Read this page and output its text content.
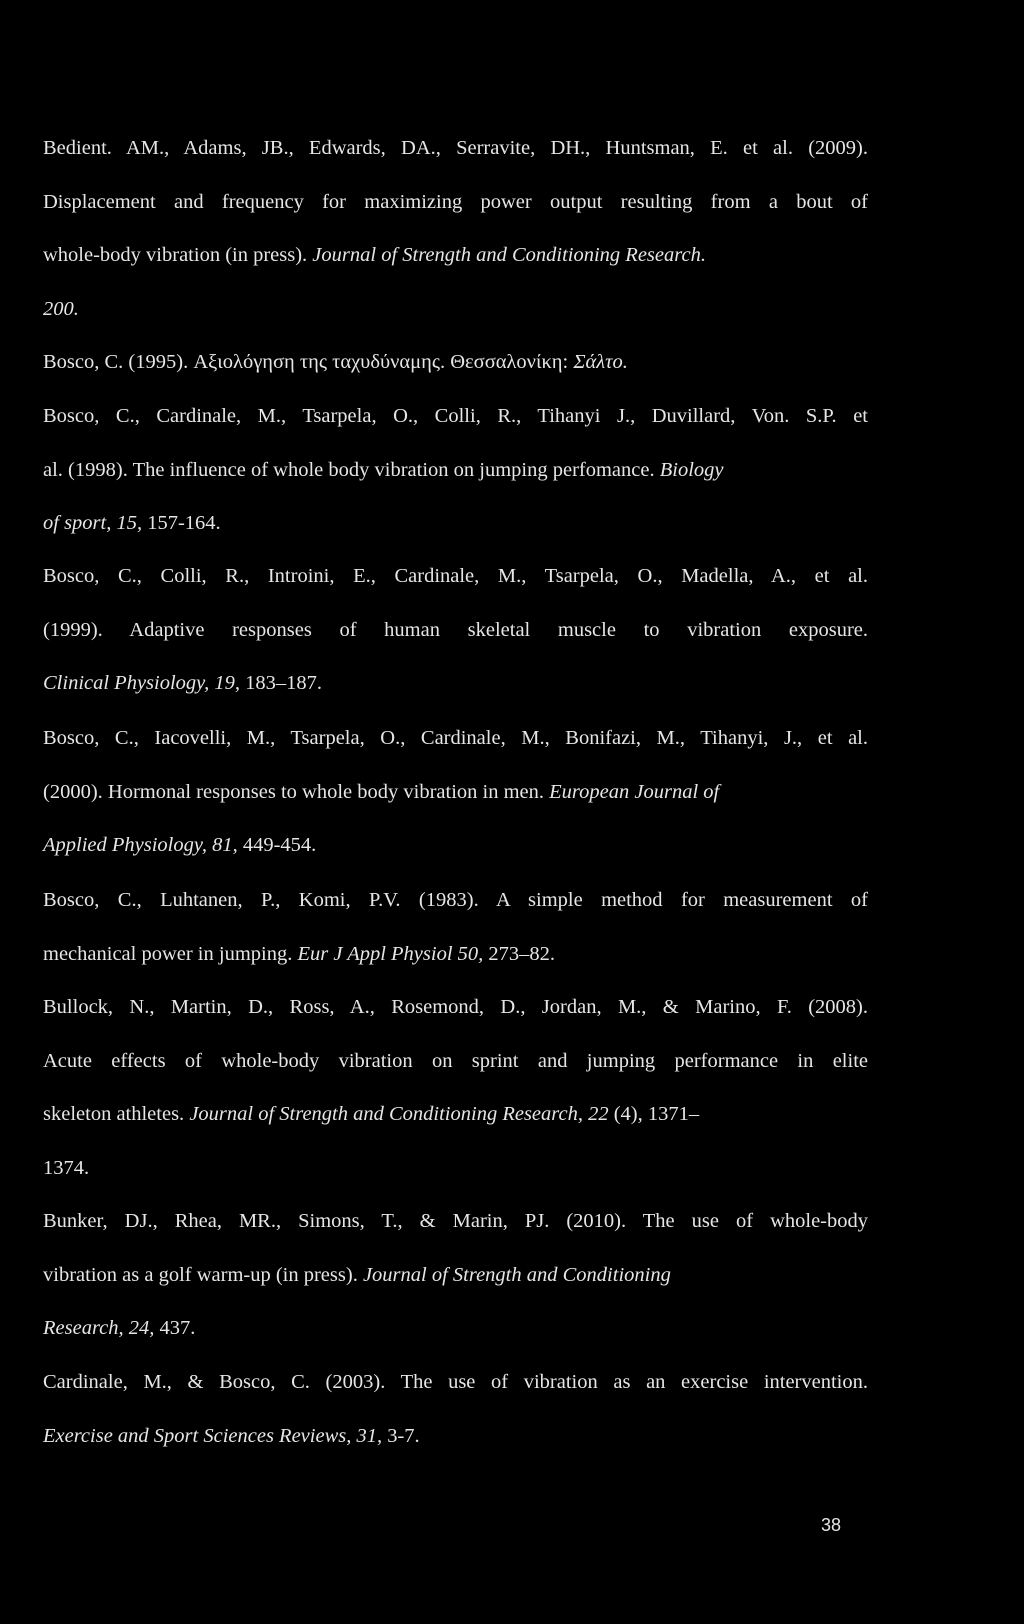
Bedient. AM., Adams, JB., Edwards, DA., Serravite, DH., Huntsman, E. et al. (2009).
Displacement and frequency for maximizing power output resulting from a bout of
whole-body vibration (in press). Journal of Strength and Conditioning Research.
200.
Bosco, C. (1995). Αξιολόγηση της ταχυδύναμης. Θεσσαλονίκη: Σάλτο.
Bosco, C., Cardinale, M., Tsarpela, O., Colli, R., Tihanyi J., Duvillard, Von. S.P. et
al. (1998). The influence of whole body vibration on jumping perfomance. Biology
of sport, 15, 157-164.
Bosco, C., Colli, R., Introini, E., Cardinale, M., Tsarpela, O., Madella, A., et al.
(1999). Adaptive responses of human skeletal muscle to vibration exposure.
Clinical Physiology, 19, 183–187.
Bosco, C., Iacovelli, M., Tsarpela, O., Cardinale, M., Bonifazi, M., Tihanyi, J., et al.
(2000). Hormonal responses to whole body vibration in men. European Journal of
Applied Physiology, 81, 449-454.
Bosco, C., Luhtanen, P., Komi, P.V. (1983). A simple method for measurement of
mechanical power in jumping. Eur J Appl Physiol 50, 273–82.
Bullock, N., Martin, D., Ross, A., Rosemond, D., Jordan, M., & Marino, F. (2008).
Acute effects of whole-body vibration on sprint and jumping performance in elite
skeleton athletes. Journal of Strength and Conditioning Research, 22 (4), 1371–
1374.
Bunker, DJ., Rhea, MR., Simons, T., & Marin, PJ. (2010). The use of whole-body
vibration as a golf warm-up (in press). Journal of Strength and Conditioning
Research, 24, 437.
Cardinale, M., & Bosco, C. (2003). The use of vibration as an exercise intervention.
Exercise and Sport Sciences Reviews, 31, 3-7.
38
